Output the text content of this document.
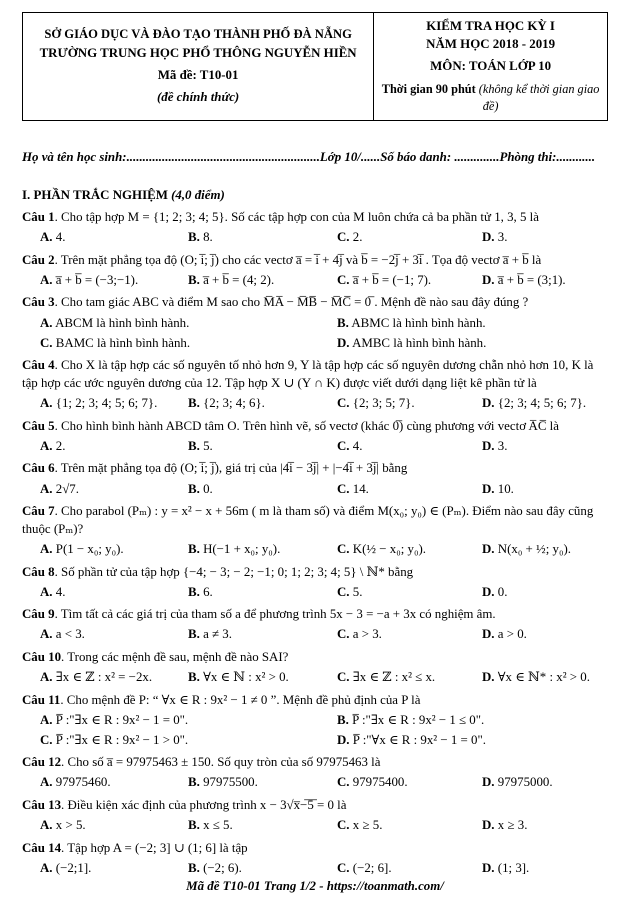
SỞ GIÁO DỤC VÀ ĐÀO TẠO THÀNH PHỐ ĐÀ NẴNG
TRƯỜNG TRUNG HỌC PHỔ THÔNG NGUYỄN HIỀN
Mã đề: T10-01
(đề chính thức)

KIỂM TRA HỌC KỲ I
NĂM HỌC 2018 - 2019
MÔN: TOÁN LỚP 10
Thời gian 90 phút (không kể thời gian giao đề)
Họ và tên học sinh:............................................................Lớp 10/......Số báo danh: ..............Phòng thi:............
I. PHẦN TRẮC NGHIỆM (4,0 điểm)
Câu 1. Cho tập hợp M = {1; 2; 3; 4; 5}. Số các tập hợp con của M luôn chứa cả ba phần tử 1, 3, 5 là
A. 4.	B. 8.	C. 2.	D. 3.
Câu 2. Trên mặt phẳng tọa độ (O; i̅; j̅) cho các vectơ a̅ = i̅ + 4j̅ và b̅ = −2j̅ + 3i̅ . Tọa độ vectơ a̅ + b̅ là
A. a̅ + b̅ = (−3;−1).	B. a̅ + b̅ = (4; 2).	C. a̅ + b̅ = (−1; 7).	D. a̅ + b̅ = (3;1).
Câu 3. Cho tam giác ABC và điểm M sao cho M̅A̅ − M̅B̅ − M̅C̅ = 0̅ . Mệnh đề nào sau đây đúng ?
A. ABCM là hình bình hành.	B. ABMC là hình bình hành.
C. BAMC là hình bình hành.	D. AMBC là hình bình hành.
Câu 4. Cho X là tập hợp các số nguyên tố nhỏ hơn 9, Y là tập hợp các số nguyên dương chẵn nhỏ hơn 10, K là tập hợp các ước nguyên dương của 12. Tập hợp X ∪ (Y ∩ K) được viết dưới dạng liệt kê phần tử là
A. {1; 2; 3; 4; 5; 6; 7}.	B. {2; 3; 4; 6}.	C. {2; 3; 5; 7}.	D. {2; 3; 4; 5; 6; 7}.
Câu 5. Cho hình bình hành ABCD tâm O. Trên hình vẽ, số vectơ (khác 0̅) cùng phương với vectơ A̅C̅ là
A. 2.	B. 5.	C. 4.	D. 3.
Câu 6. Trên mặt phẳng tọa độ (O; i̅; j̅), giá trị của |4i̅ − 3j̅| + |−4i̅ + 3j̅| bằng
A. 2√7.	B. 0.	C. 14.	D. 10.
Câu 7. Cho parabol (Pₘ) : y = x² − x + 56m ( m là tham số) và điểm M(x₀; y₀) ∈ (Pₘ). Điểm nào sau đây cũng thuộc (Pₘ)?
A. P(1 − x₀; y₀).	B. H(−1 + x₀; y₀).	C. K(½ − x₀; y₀).	D. N(x₀ + ½; y₀).
Câu 8. Số phần tử của tập hợp {−4; − 3; − 2; −1; 0; 1; 2; 3; 4; 5} \ ℕ* bằng
A. 4.	B. 6.	C. 5.	D. 0.
Câu 9. Tìm tất cả các giá trị của tham số a để phương trình 5x − 3 = −a + 3x có nghiệm âm.
A. a < 3.	B. a ≠ 3.	C. a > 3.	D. a > 0.
Câu 10. Trong các mệnh đề sau, mệnh đề nào SAI?
A. ∃x ∈ ℤ : x² = −2x.	B. ∀x ∈ ℕ : x² > 0.	C. ∃x ∈ ℤ : x² ≤ x.	D. ∀x ∈ ℕ* : x² > 0.
Câu 11. Cho mệnh đề P: “ ∀x ∈ R : 9x² − 1 ≠ 0 ”. Mệnh đề phủ định của P là
A. P̅ :"∃x ∈ R : 9x² − 1 = 0".	B. P̅ :"∃x ∈ R : 9x² − 1 ≤ 0".
C. P̅ :"∃x ∈ R : 9x² − 1 > 0".	D. P̅ :"∀x ∈ R : 9x² − 1 = 0".
Câu 12. Cho số a̅ = 97975463 ± 150. Số quy tròn của số 97975463 là
A. 97975460.	B. 97975500.	C. 97975400.	D. 97975000.
Câu 13. Điều kiện xác định của phương trình x − 3√x̅−̅5̅ = 0 là
A. x > 5.	B. x ≤ 5.	C. x ≥ 5.	D. x ≥ 3.
Câu 14. Tập hợp A = (−2; 3] ∪ (1; 6] là tập
A. (−2;1].	B. (−2; 6).	C. (−2; 6].	D. (1; 3].
Mã đề T10-01 Trang 1/2 - https://toanmath.com/
